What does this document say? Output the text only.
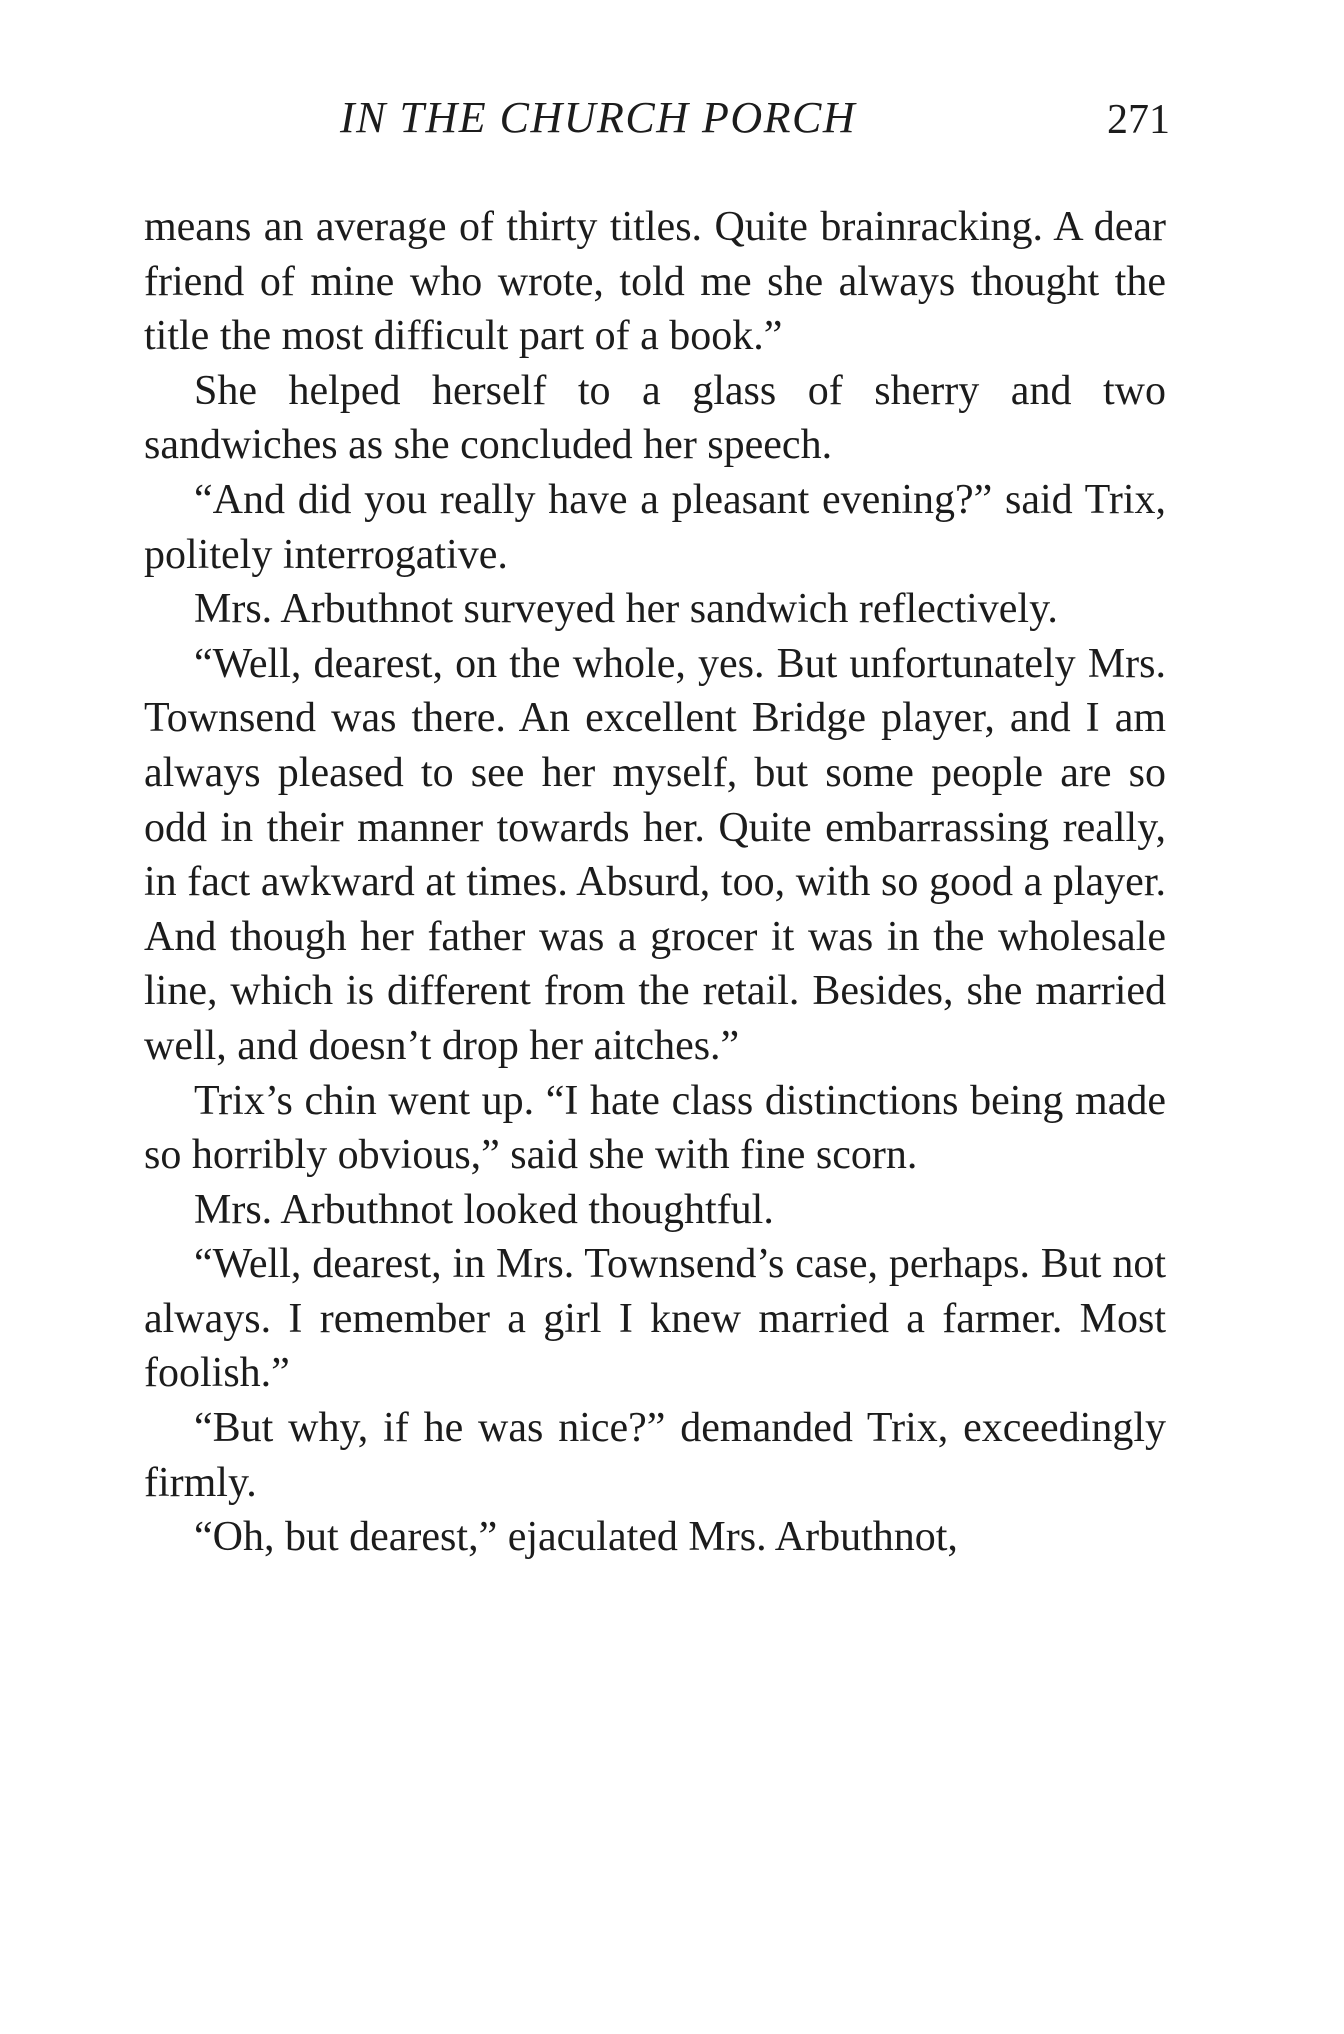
IN THE CHURCH PORCH	271

means an average of thirty titles. Quite brainracking. A dear friend of mine who wrote, told me she always thought the title the most difficult part of a book.”

She helped herself to a glass of sherry and two sandwiches as she concluded her speech.

“And did you really have a pleasant evening?” said Trix, politely interrogative.

Mrs. Arbuthnot surveyed her sandwich reflectively.

“Well, dearest, on the whole, yes. But unfortunately Mrs. Townsend was there. An excellent Bridge player, and I am always pleased to see her myself, but some people are so odd in their manner towards her. Quite embarrassing really, in fact awkward at times. Absurd, too, with so good a player. And though her father was a grocer it was in the wholesale line, which is different from the retail. Besides, she married well, and doesn’t drop her aitches.”

Trix’s chin went up. “I hate class distinctions being made so horribly obvious,” said she with fine scorn.

Mrs. Arbuthnot looked thoughtful.

“Well, dearest, in Mrs. Townsend’s case, perhaps. But not always. I remember a girl I knew married a farmer. Most foolish.”

“But why, if he was nice?” demanded Trix, exceedingly firmly.

“Oh, but dearest,” ejaculated Mrs. Arbuthnot,
